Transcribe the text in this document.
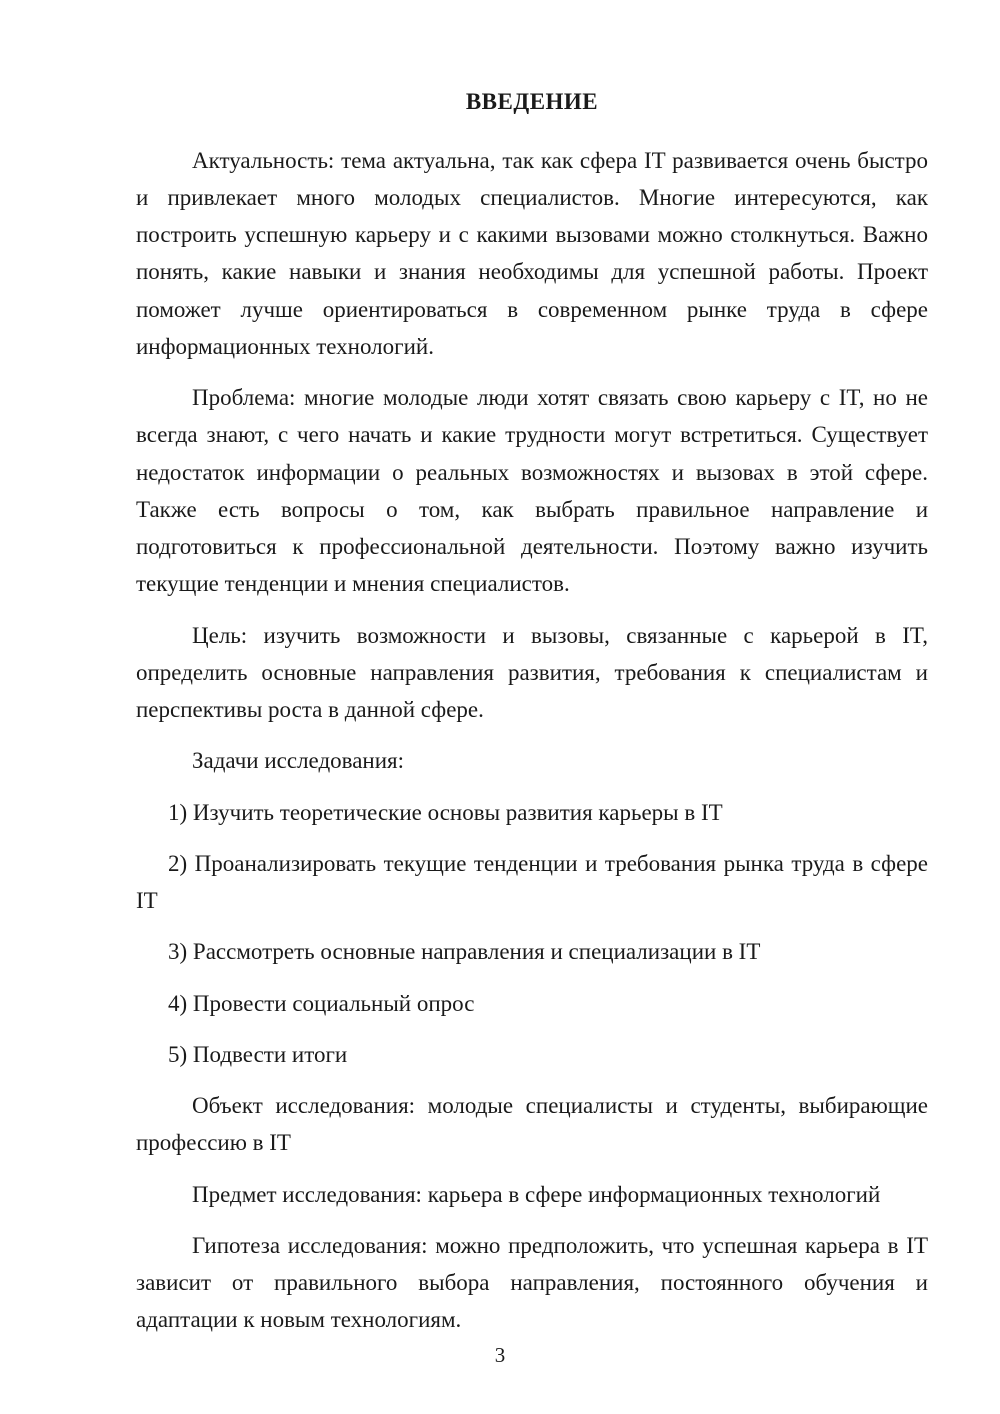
ВВЕДЕНИЕ

Актуальность: тема актуальна, так как сфера IT развивается очень быстро и привлекает много молодых специалистов. Многие интересуются, как построить успешную карьеру и с какими вызовами можно столкнуться. Важно понять, какие навыки и знания необходимы для успешной работы. Проект поможет лучше ориентироваться в современном рынке труда в сфере информационных технологий.

Проблема: многие молодые люди хотят связать свою карьеру с IT, но не всегда знают, с чего начать и какие трудности могут встретиться. Существует недостаток информации о реальных возможностях и вызовах в этой сфере. Также есть вопросы о том, как выбрать правильное направление и подготовиться к профессиональной деятельности. Поэтому важно изучить текущие тенденции и мнения специалистов.

Цель: изучить возможности и вызовы, связанные с карьерой в IT, определить основные направления развития, требования к специалистам и перспективы роста в данной сфере.

Задачи исследования:

1) Изучить теоретические основы развития карьеры в IT

2) Проанализировать текущие тенденции и требования рынка труда в сфере IT

3) Рассмотреть основные направления и специализации в IT

4) Провести социальный опрос

5) Подвести итоги

Объект исследования: молодые специалисты и студенты, выбирающие профессию в IT

Предмет исследования: карьера в сфере информационных технологий

Гипотеза исследования: можно предположить, что успешная карьера в IT зависит от правильного выбора направления, постоянного обучения и адаптации к новым технологиям.

3
